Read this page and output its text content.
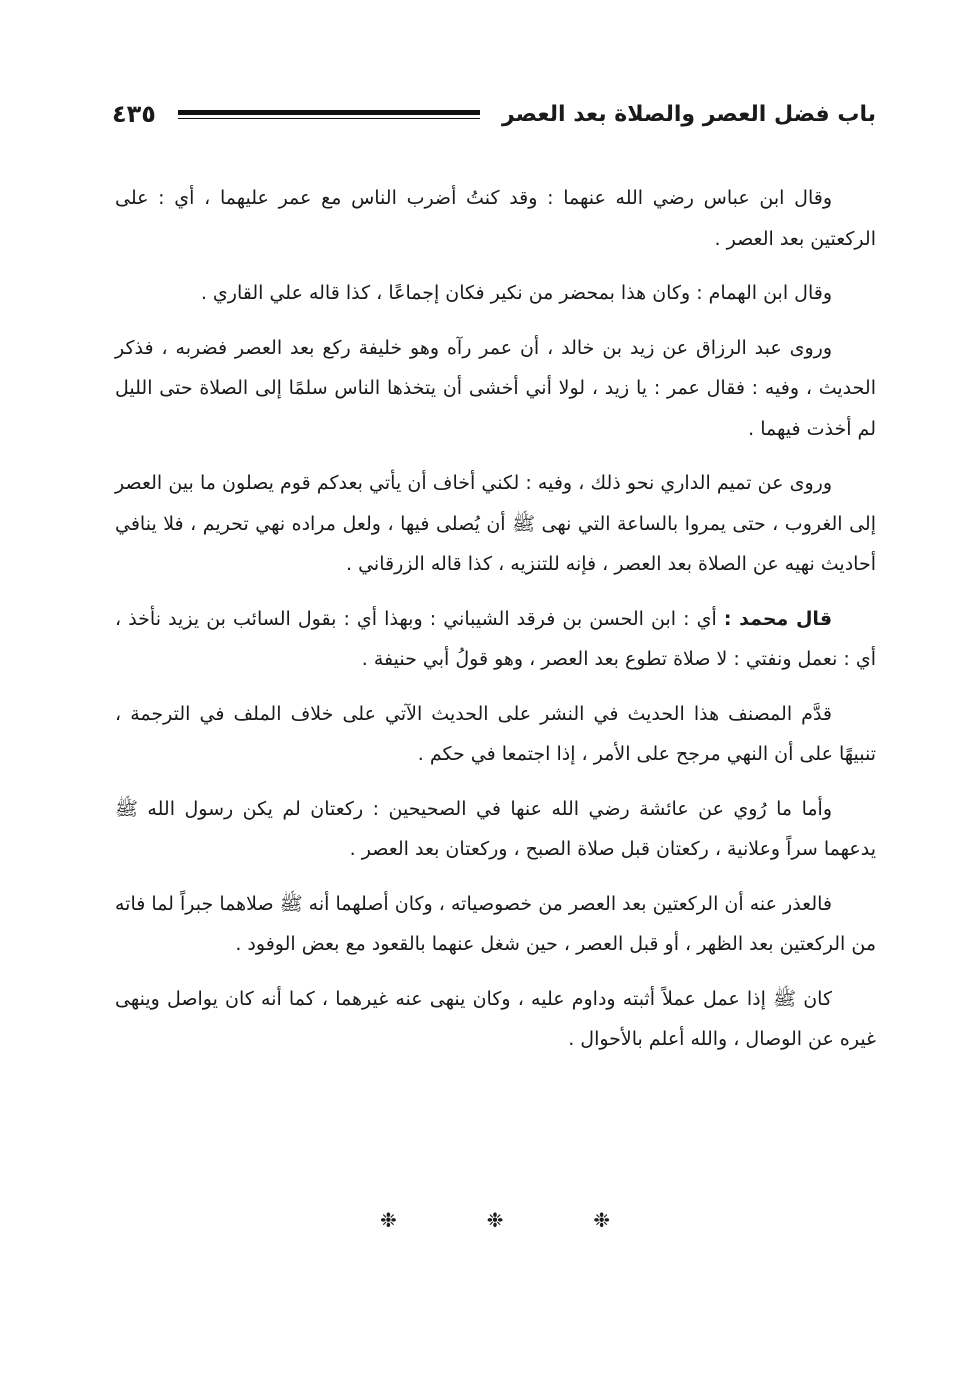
باب فضل العصر والصلاة بعد العصر
٤٣٥

وقال ابن عباس رضي الله عنهما : وقد كنتُ أضرب الناس مع عمر عليهما ، أي : على الركعتين بعد العصر .

وقال ابن الهمام : وكان هذا بمحضر من نكير فكان إجماعًا ، كذا قاله علي القاري .

وروى عبد الرزاق عن زيد بن خالد ، أن عمر رآه وهو خليفة ركع بعد العصر فضربه ، فذكر الحديث ، وفيه : فقال عمر : يا زيد ، لولا أني أخشى أن يتخذها الناس سلمًا إلى الصلاة حتى الليل لم أخذت فيهما .

وروى عن تميم الداري نحو ذلك ، وفيه : لكني أخاف أن يأتي بعدكم قوم يصلون ما بين العصر إلى الغروب ، حتى يمروا بالساعة التي نهى ﷺ أن يُصلى فيها ، ولعل مراده نهي تحريم ، فلا ينافي أحاديث نهيه عن الصلاة بعد العصر ، فإنه للتنزيه ، كذا قاله الزرقاني .

قال محمد : أي : ابن الحسن بن فرقد الشيباني : وبهذا أي : بقول السائب بن يزيد نأخذ ، أي : نعمل ونفتي : لا صلاة تطوع بعد العصر ، وهو قولُ أبي حنيفة .

قدَّم المصنف هذا الحديث في النشر على الحديث الآتي على خلاف الملف في الترجمة ، تنبيهًا على أن النهي مرجح على الأمر ، إذا اجتمعا في حكم .

وأما ما رُوي عن عائشة رضي الله عنها في الصحيحين : ركعتان لم يكن رسول الله ﷺ يدعهما سراً وعلانية ، ركعتان قبل صلاة الصبح ، وركعتان بعد العصر .

فالعذر عنه أن الركعتين بعد العصر من خصوصياته ، وكان أصلهما أنه ﷺ صلاهما جبراً لما فاته من الركعتين بعد الظهر ، أو قبل العصر ، حين شغل عنهما بالقعود مع بعض الوفود .

كان ﷺ إذا عمل عملاً أثبته وداوم عليه ، وكان ينهى عنه غيرهما ، كما أنه كان يواصل وينهى غيره عن الوصال ، والله أعلم بالأحوال .

❉
❉
❉
